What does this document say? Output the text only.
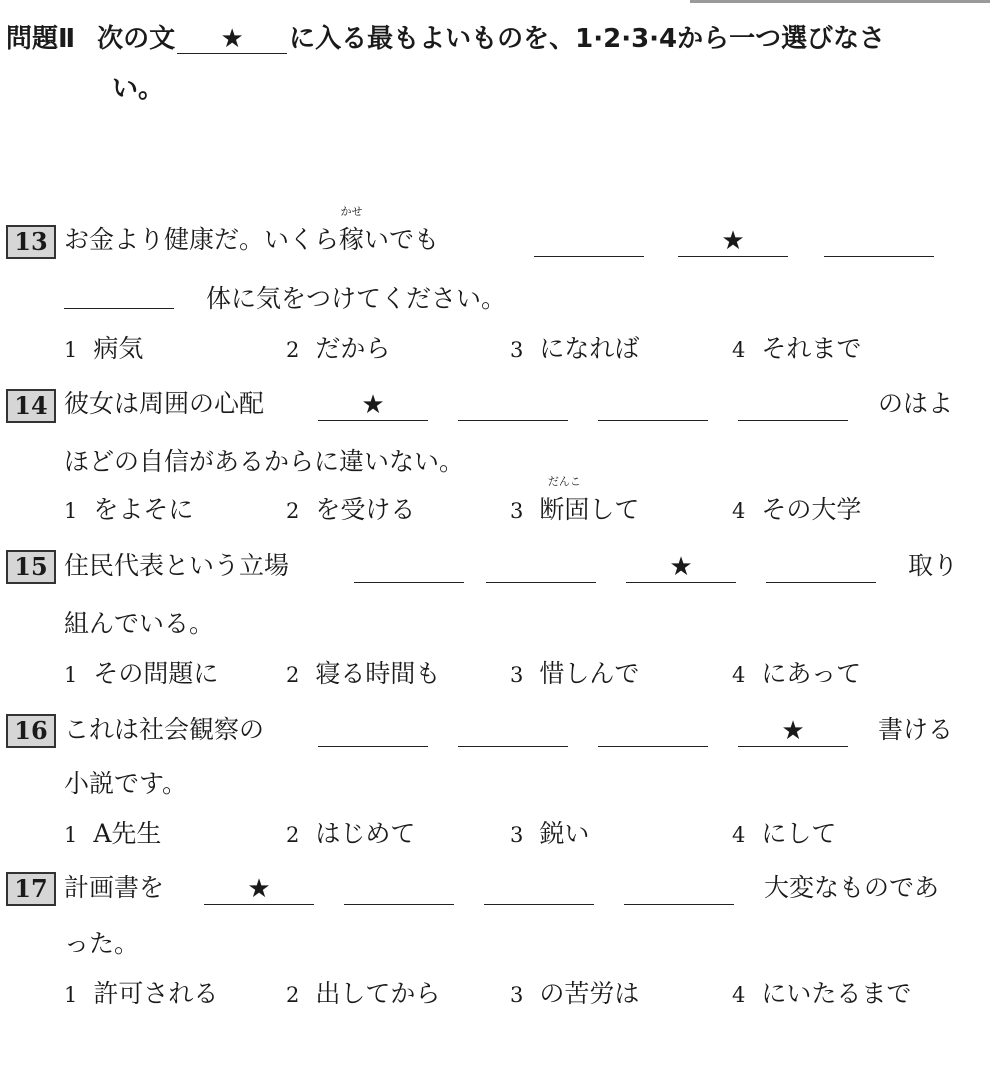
問題Ⅱ 次の文 ★ に入る最もよいものを、1·2·3·4から一つ選びなさ
い。
13 お金より健康だ。いくら稼
かせ
いでも	★
体に気をつけてください。
1 病気	2 だから	3 になれば	4 それまで
14 彼女は周囲の心配	★	のはよ
ほどの自信があるからに違いない。
1 をよそに	2 を受ける	3 断固
だんこ
して	4 その大学
15 住民代表という立場	★	取り
組んでいる。
1 その問題に	2 寝る時間も	3 惜しんで	4 にあって
16 これは社会観察の	★	書ける
小説です。
1 A先生	2 はじめて	3 鋭い	4 にして
17 計画書を	★	大変なものであ
った。
1 許可される	2 出してから	3 の苦労は	4 にいたるまで
